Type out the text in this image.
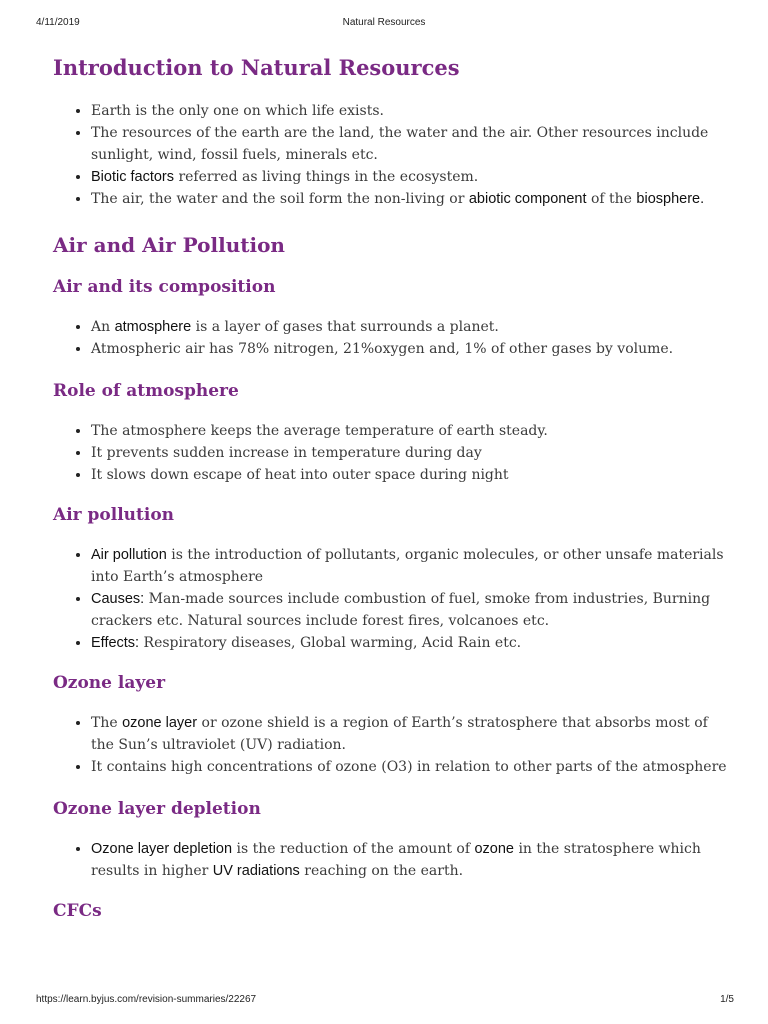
4/11/2019	Natural Resources
Introduction to Natural Resources
• Earth is the only one on which life exists.
• The resources of the earth are the land, the water and the air. Other resources include sunlight, wind, fossil fuels, minerals etc.
• Biotic factors referred as living things in the ecosystem.
• The air, the water and the soil form the non-living or abiotic component of the biosphere.
Air and Air Pollution
Air and its composition
• An atmosphere is a layer of gases that surrounds a planet.
• Atmospheric air has 78% nitrogen, 21%oxygen and, 1% of other gases by volume.
Role of atmosphere
• The atmosphere keeps the average temperature of earth steady.
• It prevents sudden increase in temperature during day
• It slows down escape of heat into outer space during night
Air pollution
• Air pollution is the introduction of pollutants, organic molecules, or other unsafe materials into Earth’s atmosphere
• Causes: Man-made sources include combustion of fuel, smoke from industries, Burning crackers etc. Natural sources include forest fires, volcanoes etc.
• Effects: Respiratory diseases, Global warming, Acid Rain etc.
Ozone layer
• The ozone layer or ozone shield is a region of Earth’s stratosphere that absorbs most of the Sun’s ultraviolet (UV) radiation.
• It contains high concentrations of ozone (O3) in relation to other parts of the atmosphere
Ozone layer depletion
• Ozone layer depletion is the reduction of the amount of ozone in the stratosphere which results in higher UV radiations reaching on the earth.
CFCs
https://learn.byjus.com/revision-summaries/22267	1/5
